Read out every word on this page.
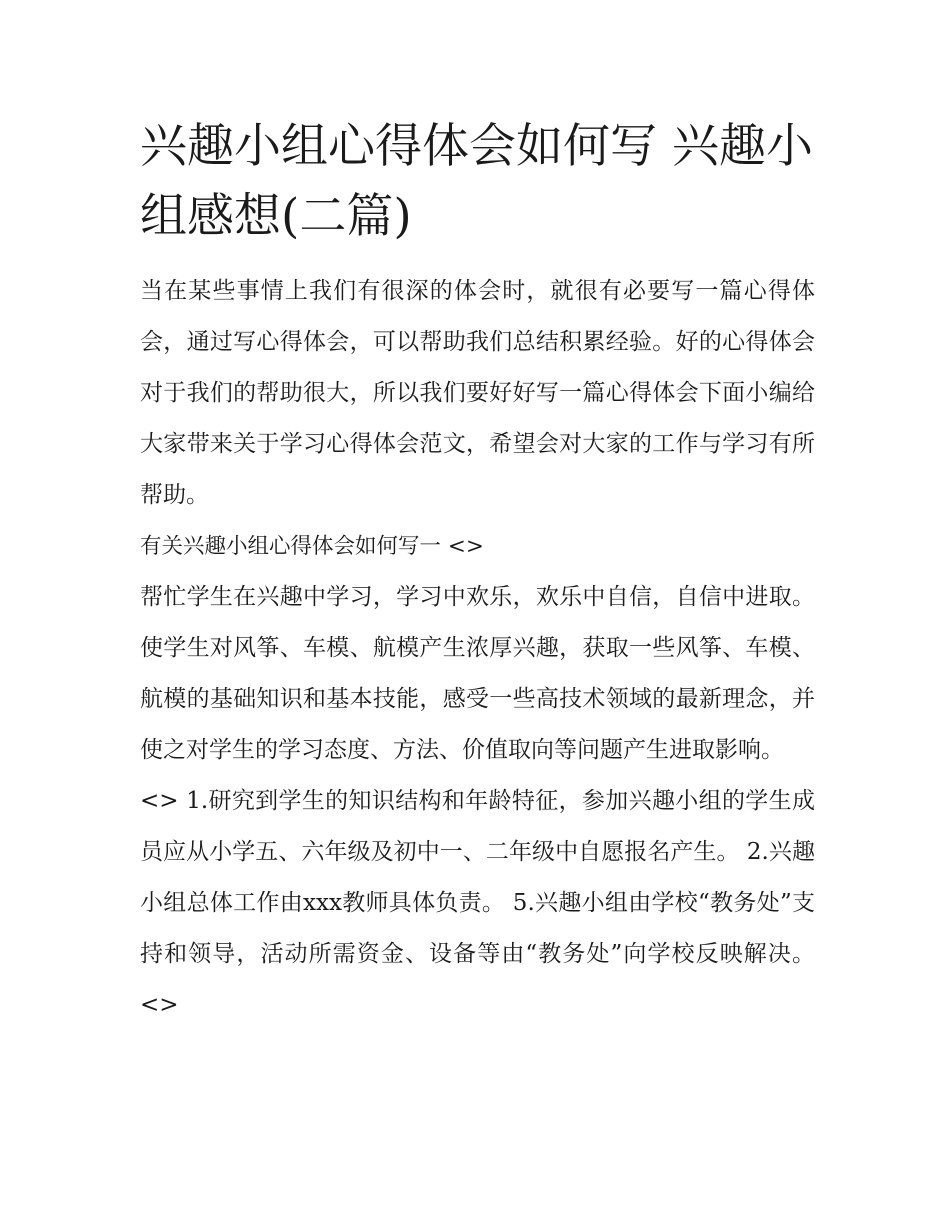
兴趣小组心得体会如何写 兴趣小组感想(二篇)

当在某些事情上我们有很深的体会时，就很有必要写一篇心得体会，通过写心得体会，可以帮助我们总结积累经验。好的心得体会对于我们的帮助很大，所以我们要好好写一篇心得体会下面小编给大家带来关于学习心得体会范文，希望会对大家的工作与学习有所帮助。

有关兴趣小组心得体会如何写一 <>

帮忙学生在兴趣中学习，学习中欢乐，欢乐中自信，自信中进取。使学生对风筝、车模、航模产生浓厚兴趣，获取一些风筝、车模、航模的基础知识和基本技能，感受一些高技术领域的最新理念，并使之对学生的学习态度、方法、价值取向等问题产生进取影响。

<> 1.研究到学生的知识结构和年龄特征，参加兴趣小组的学生成员应从小学五、六年级及初中一、二年级中自愿报名产生。 2.兴趣小组总体工作由xxx教师具体负责。 5.兴趣小组由学校“教务处”支持和领导，活动所需资金、设备等由“教务处”向学校反映解决。 <>
